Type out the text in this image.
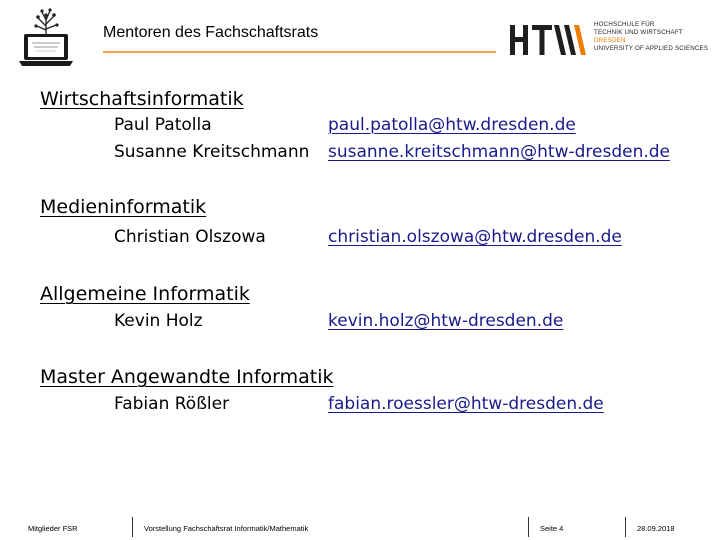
Mentoren des Fachschaftsrats	HOCHSCHULE FÜR
TECHNIK UND WIRTSCHAFT
DRESDEN
UNIVERSITY OF APPLIED SCIENCES
Wirtschaftsinformatik
Paul Patolla	paul.patolla@htw.dresden.de
Susanne Kreitschmann susanne.kreitschmann@htw-dresden.de
Medieninformatik
Christian Olszowa	christian.olszowa@htw.dresden.de
Allgemeine Informatik
Kevin Holz	kevin.holz@htw-dresden.de
Master Angewandte Informatik
Fabian Rößler	fabian.roessler@htw-dresden.de
Mitglieder FSR	Vorstellung Fachschaftsrat Informatik/Mathematik	Seite 4	28.09.2018
